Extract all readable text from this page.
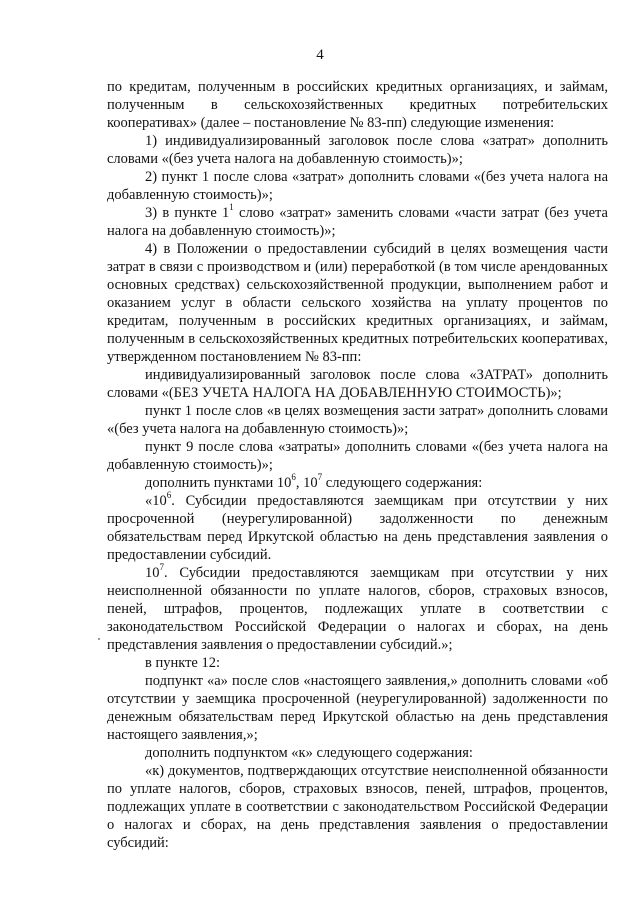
4

по кредитам, полученным в российских кредитных организациях, и займам, полученным в сельскохозяйственных кредитных потребительских кооперативах» (далее – постановление № 83-пп) следующие изменения:

1) индивидуализированный заголовок после слова «затрат» дополнить словами «(без учета налога на добавленную стоимость)»;

2) пункт 1 после слова «затрат» дополнить словами «(без учета налога на добавленную стоимость)»;

3) в пункте $1^1$ слово «затрат» заменить словами «части затрат (без учета налога на добавленную стоимость)»;

4) в Положении о предоставлении субсидий в целях возмещения части затрат в связи с производством и (или) переработкой (в том числе арендованных основных средствах) сельскохозяйственной продукции, выполнением работ и оказанием услуг в области сельского хозяйства на уплату процентов по кредитам, полученным в российских кредитных организациях, и займам, полученным в сельскохозяйственных кредитных потребительских кооперативах, утвержденном постановлением № 83-пп:

индивидуализированный заголовок после слова «ЗАТРАТ» дополнить словами «(БЕЗ УЧЕТА НАЛОГА НА ДОБАВЛЕННУЮ СТОИМОСТЬ)»;

пункт 1 после слов «в целях возмещения засти затрат» дополнить словами «(без учета налога на добавленную стоимость)»;

пункт 9 после слова «затраты» дополнить словами «(без учета налога на добавленную стоимость)»;

дополнить пунктами $10^6$, $10^7$ следующего содержания:

«$10^6$. Субсидии предоставляются заемщикам при отсутствии у них просроченной (неурегулированной) задолженности по денежным обязательствам перед Иркутской областью на день представления заявления о предоставлении субсидий.

$10^7$. Субсидии предоставляются заемщикам при отсутствии у них неисполненной обязанности по уплате налогов, сборов, страховых взносов, пеней, штрафов, процентов, подлежащих уплате в соответствии с законодательством Российской Федерации о налогах и сборах, на день представления заявления о предоставлении субсидий.»;

в пункте 12:

подпункт «а» после слов «настоящего заявления,» дополнить словами «об отсутствии у заемщика просроченной (неурегулированной) задолженности по денежным обязательствам перед Иркутской областью на день представления настоящего заявления,»;

дополнить подпунктом «к» следующего содержания:

«к) документов, подтверждающих отсутствие неисполненной обязанности по уплате налогов, сборов, страховых взносов, пеней, штрафов, процентов, подлежащих уплате в соответствии с законодательством Российской Федерации о налогах и сборах, на день представления заявления о предоставлении субсидий:
